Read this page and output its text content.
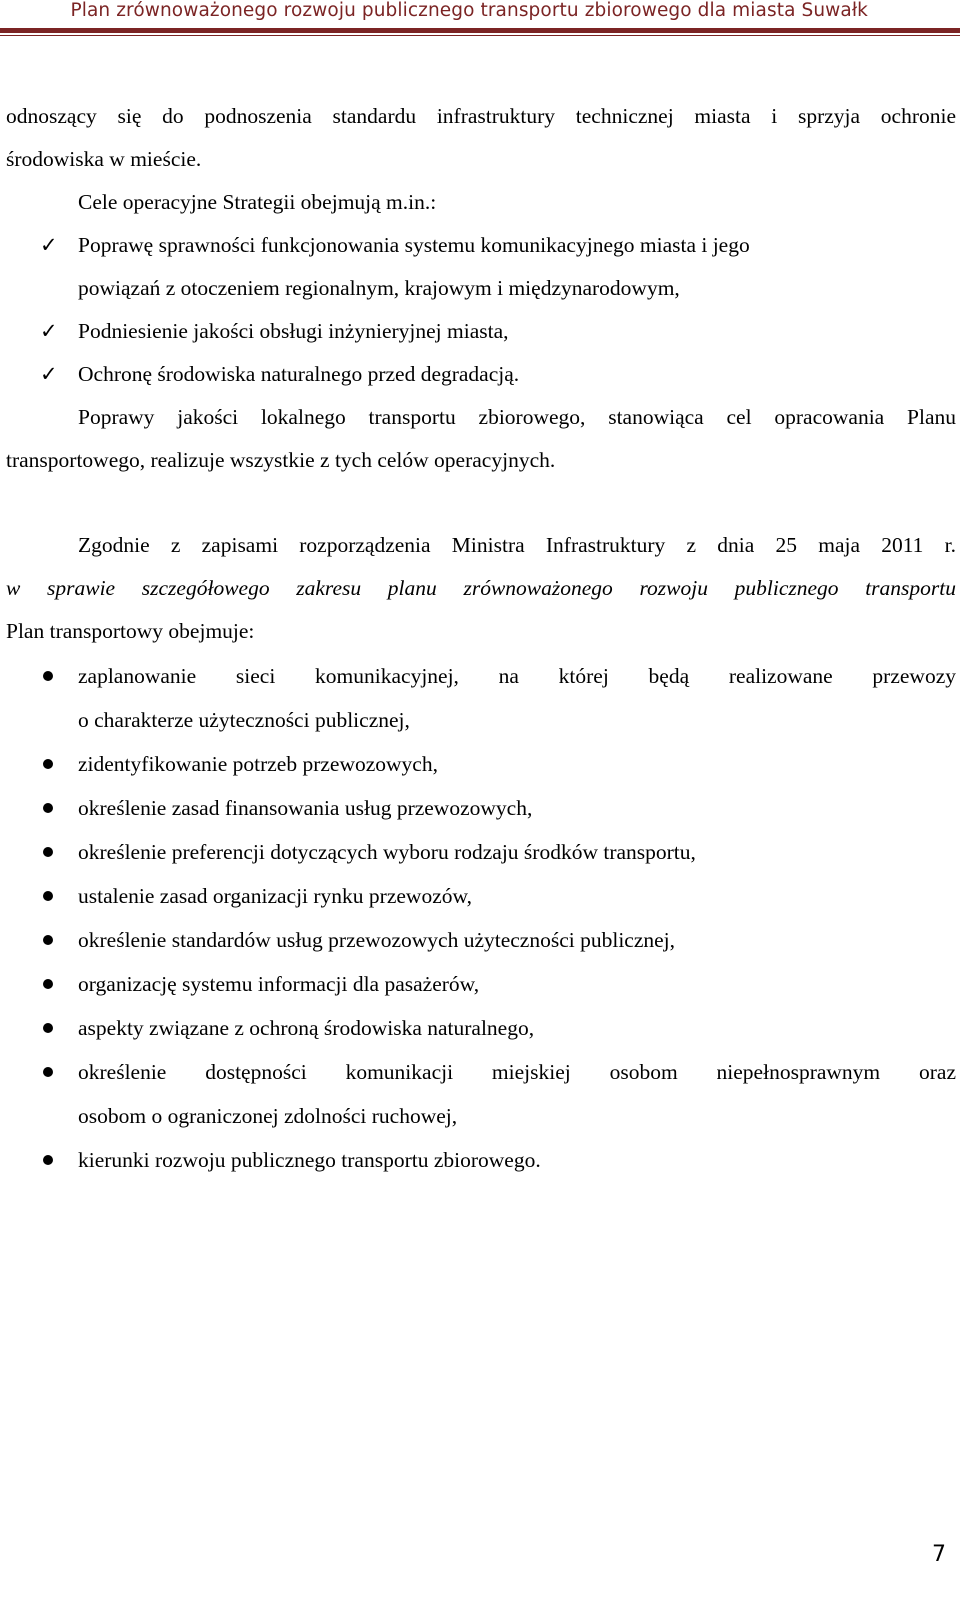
Plan zrównoważonego rozwoju publicznego transportu zbiorowego dla miasta Suwałk
odnoszący się do podnoszenia standardu infrastruktury technicznej miasta i sprzyja ochronie
środowiska w mieście.
Cele operacyjne Strategii obejmują m.in.:
✓ Poprawę sprawności funkcjonowania systemu komunikacyjnego miasta i jego
powiązań z otoczeniem regionalnym, krajowym i międzynarodowym,
✓ Podniesienie jakości obsługi inżynieryjnej miasta,
✓ Ochronę środowiska naturalnego przed degradacją.
Poprawy jakości lokalnego transportu zbiorowego, stanowiąca cel opracowania Planu
transportowego, realizuje wszystkie z tych celów operacyjnych.
Zgodnie z zapisami rozporządzenia Ministra Infrastruktury z dnia 25 maja 2011 r.
w sprawie szczegółowego zakresu planu zrównoważonego rozwoju publicznego transportu
Plan transportowy obejmuje:
zaplanowanie sieci komunikacyjnej, na której będą realizowane przewozy
o charakterze użyteczności publicznej,
zidentyfikowanie potrzeb przewozowych,
określenie zasad finansowania usług przewozowych,
określenie preferencji dotyczących wyboru rodzaju środków transportu,
ustalenie zasad organizacji rynku przewozów,
określenie standardów usług przewozowych użyteczności publicznej,
organizację systemu informacji dla pasażerów,
aspekty związane z ochroną środowiska naturalnego,
określenie dostępności komunikacji miejskiej osobom niepełnosprawnym oraz
osobom o ograniczonej zdolności ruchowej,
kierunki rozwoju publicznego transportu zbiorowego.
7
